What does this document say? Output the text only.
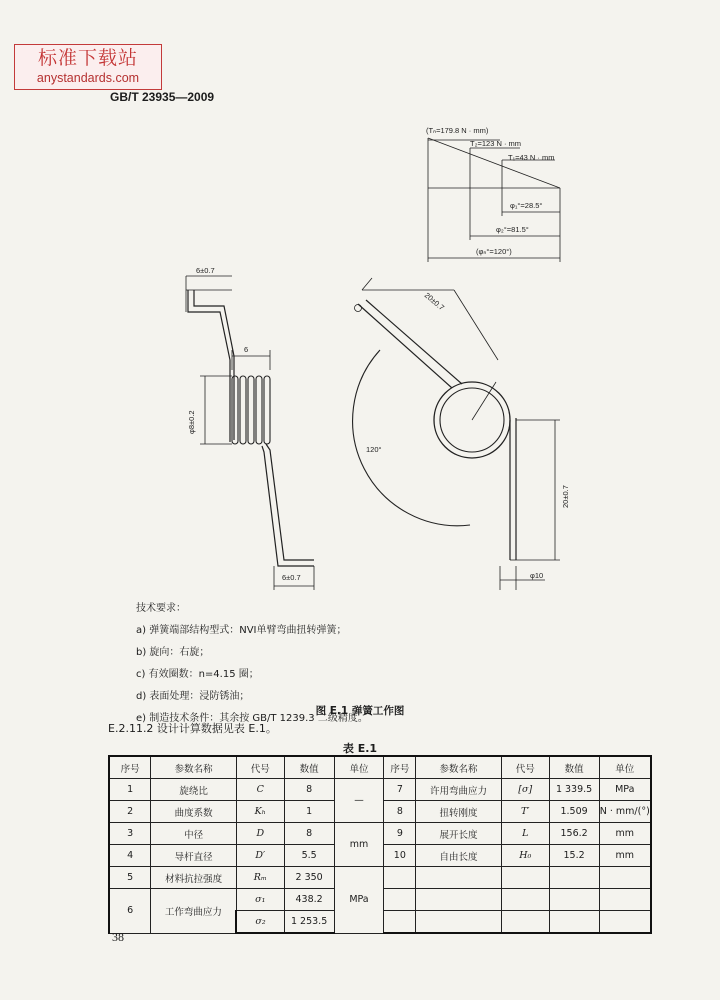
标准下载站
anystandards.com
GB/T 23935—2009
(Tₙ=179.8 N · mm)
T₂=123 N · mm
T₁=43 N · mm
φ₁°=28.5°
φ₂°=81.5°
(φₙ°=120°)
6±0.7
6
φ8±0.2
6±0.7
20±0.7
20±0.7
φ10
120°
技术要求：
a) 弹簧端部结构型式：NVⅠ单臂弯曲扭转弹簧；
b) 旋向：右旋；
c) 有效圈数：n=4.15 圈；
d) 表面处理：浸防锈油；
e) 制造技术条件：其余按 GB/T 1239.3 二级精度。
图 E.1 弹簧工作图
E.2.11.2 设计计算数据见表 E.1。
表 E.1
序号	参数名称	代号	数值	单位	序号	参数名称	代号	数值	单位
1	旋绕比	C	8	—	7	许用弯曲应力	[σ]	1 339.5	MPa
2	曲度系数	Kₕ	1		8	扭转刚度	T′	1.509	N · mm/(°)
3	中径	D	8	mm	9	展开长度	L	156.2	mm
4	导杆直径	D′	5.5		10	自由长度	H₀	15.2	mm
5	材料抗拉强度	Rₘ	2 350	MPa					
6	工作弯曲应力	σ₁	438.2						
		σ₂	1 253.5						
38
